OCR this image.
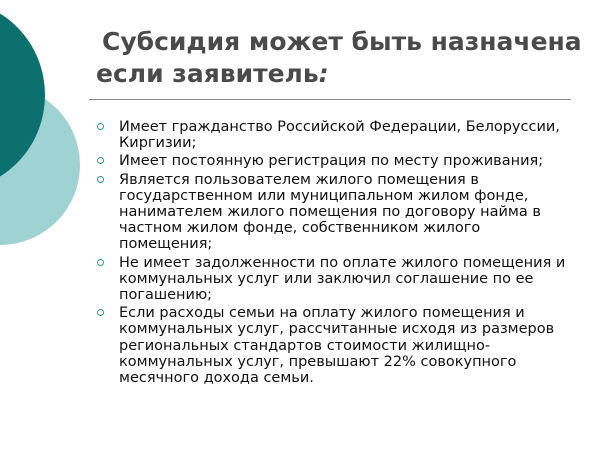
Субсидия может быть назначена
если заявитель:
Имеет гражданство Российской Федерации, Белоруссии, Киргизии;
Имеет постоянную регистрация по месту проживания;
Является пользователем жилого помещения в государственном или муниципальном жилом фонде, нанимателем жилого помещения по договору найма в частном жилом фонде, собственником жилого помещения;
Не имеет задолженности по оплате жилого помещения и коммунальных услуг или заключил соглашение по ее погашению;
Если расходы семьи на оплату жилого помещения и коммунальных услуг, рассчитанные исходя из размеров региональных стандартов стоимости жилищно-коммунальных услуг, превышают 22% совокупного месячного дохода семьи.
